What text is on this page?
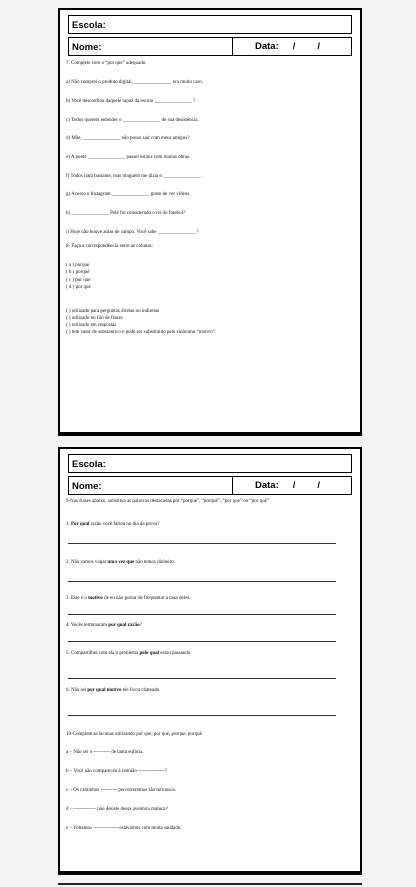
Escola:
Nome:	Data: / /
7. Complete com o “por que” adequado.
a) Não comprei o produto digital, _______________ era muito caro.
b) Você desconfiou daquele rapaz da escola _______________ ?
c) Todos querem entender o _______________ de sua desistência.
d) Mãe, _______________ não posso sair com meus amigos?
e) A ponte _______________ passei estava com muitas obras.
f) Todos riam bastante, mas ninguém me dizia o _______________ .
g) Acesso o Instagram _______________ gosto de ver vídeos.
h) _______________ Pelé foi considerado o rei do futebol?
i) Hoje não houve aulas de campo. Você sabe _______________ ?
8- Faça a correspondência entre as colunas:
( a ) porque
( b ) porquê
( c ) por que
( d ) por quê
( ) utilizado para perguntas diretas ou indiretas
( ) utilizado no fim de frases
( ) utilizado em respostas
( ) tem valor de substantivo e pode ser substituído pelo sinônimo “motivo”
Escola:
Nome:	Data: / /
9-Nas frases abaixo, substitua as palavras destacadas por “porque”, “porquê”, “por que” ou “por quê”
1. Por qual razão você faltou no dia da prova?
2. Não vamos viajar uma vez que não temos dinheiro.
3. Este é o motivo de eu não gostar de frequentar a casa deles.
4. Vocês terminaram por qual razão?
5. Compartilhei com ela o problema pelo qual estou passando.
6. Não sei por qual motivo ele ficou chateado.
10-Complete as lacunas utilizando por que, por quê, porque, porquê.
a – Não sei o ---------- de tanta euforia.
b – Você não compareceu à reunião ----------------?
c – Os caminhos ---------- percorreremos são tortuosos.
d - -------------- não desiste dessa aventura maluca?
e – Voltamos --------------- estávamos com muita saudade.
